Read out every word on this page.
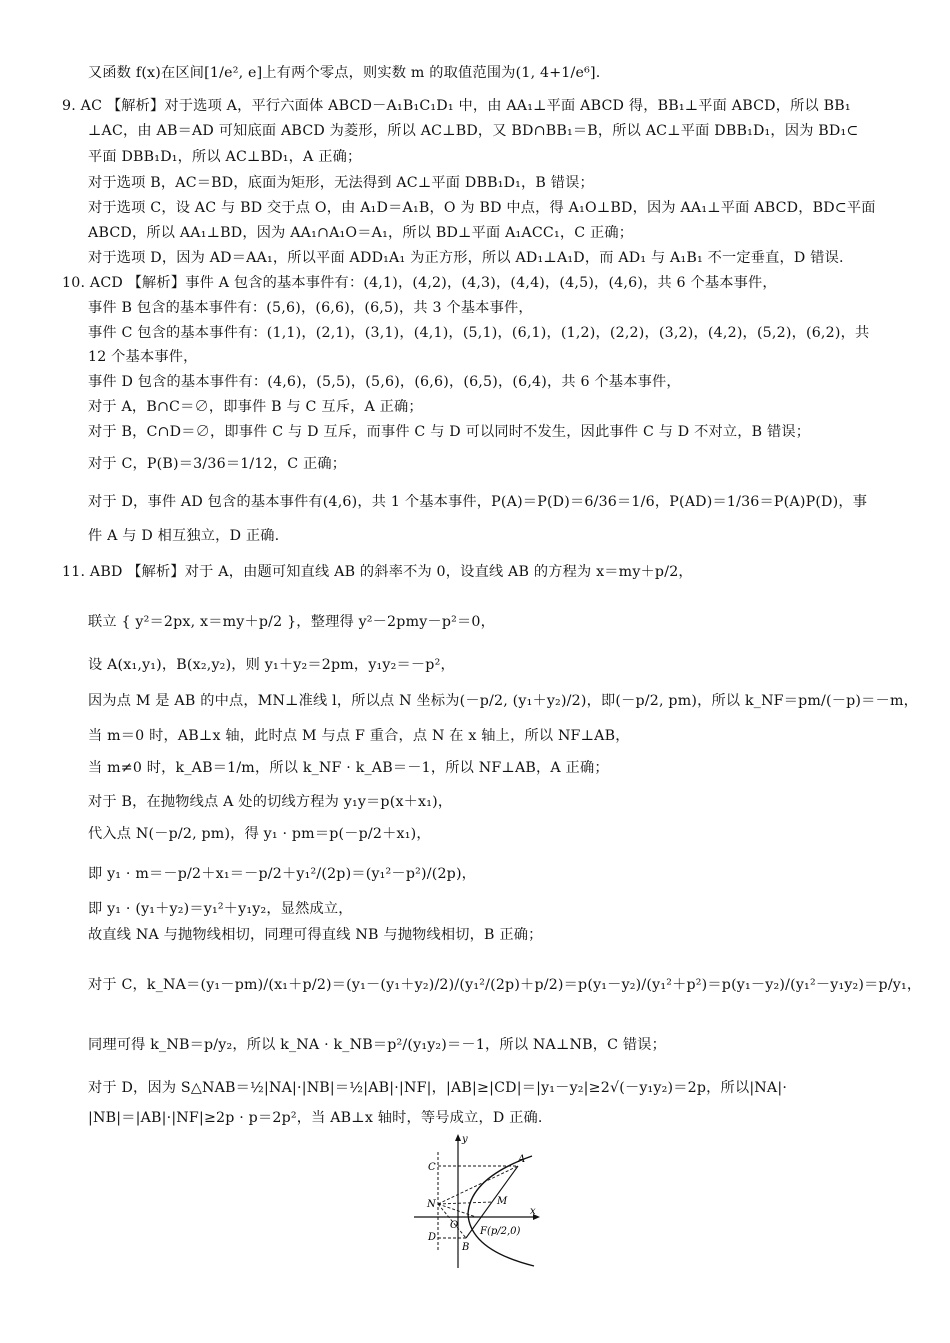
又函数 f(x)在区间[1/e², e]上有两个零点，则实数 m 的取值范围为(1, 4+1/e⁶].
9. AC 【解析】对于选项 A，平行六面体 ABCD－A₁B₁C₁D₁ 中，由 AA₁⊥平面 ABCD 得，BB₁⊥平面 ABCD，所以 BB₁
⊥AC，由 AB＝AD 可知底面 ABCD 为菱形，所以 AC⊥BD，又 BD∩BB₁＝B，所以 AC⊥平面 DBB₁D₁，因为 BD₁⊂
平面 DBB₁D₁，所以 AC⊥BD₁，A 正确；
对于选项 B，AC＝BD，底面为矩形，无法得到 AC⊥平面 DBB₁D₁，B 错误；
对于选项 C，设 AC 与 BD 交于点 O，由 A₁D＝A₁B，O 为 BD 中点，得 A₁O⊥BD，因为 AA₁⊥平面 ABCD，BD⊂平面
ABCD，所以 AA₁⊥BD，因为 AA₁∩A₁O＝A₁，所以 BD⊥平面 A₁ACC₁，C 正确；
对于选项 D，因为 AD＝AA₁，所以平面 ADD₁A₁ 为正方形，所以 AD₁⊥A₁D，而 AD₁ 与 A₁B₁ 不一定垂直，D 错误.
10. ACD 【解析】事件 A 包含的基本事件有：(4,1)，(4,2)，(4,3)，(4,4)，(4,5)，(4,6)，共 6 个基本事件，
事件 B 包含的基本事件有：(5,6)，(6,6)，(6,5)，共 3 个基本事件，
事件 C 包含的基本事件有：(1,1)，(2,1)，(3,1)，(4,1)，(5,1)，(6,1)，(1,2)，(2,2)，(3,2)，(4,2)，(5,2)，(6,2)，共
12 个基本事件，
事件 D 包含的基本事件有：(4,6)，(5,5)，(5,6)，(6,6)，(6,5)，(6,4)，共 6 个基本事件，
对于 A，B∩C＝∅，即事件 B 与 C 互斥，A 正确；
对于 B，C∩D＝∅，即事件 C 与 D 互斥，而事件 C 与 D 可以同时不发生，因此事件 C 与 D 不对立，B 错误；
对于 C，P(B)＝3/36＝1/12，C 正确；
对于 D，事件 AD 包含的基本事件有(4,6)，共 1 个基本事件，P(A)＝P(D)＝6/36＝1/6，P(AD)＝1/36＝P(A)P(D)，事
件 A 与 D 相互独立，D 正确.
11. ABD 【解析】对于 A，由题可知直线 AB 的斜率不为 0，设直线 AB 的方程为 x＝my＋p/2，
联立 { y²＝2px, x＝my＋p/2 }，整理得 y²－2pmy－p²＝0，
设 A(x₁,y₁)，B(x₂,y₂)，则 y₁＋y₂＝2pm，y₁y₂＝－p²，
因为点 M 是 AB 的中点，MN⊥准线 l，所以点 N 坐标为(－p/2, (y₁＋y₂)/2)，即(－p/2, pm)，所以 k_NF＝pm/(－p)＝－m，
当 m＝0 时，AB⊥x 轴，此时点 M 与点 F 重合，点 N 在 x 轴上，所以 NF⊥AB，
当 m≠0 时，k_AB＝1/m，所以 k_NF · k_AB＝－1，所以 NF⊥AB，A 正确；
对于 B，在抛物线点 A 处的切线方程为 y₁y＝p(x＋x₁)，
代入点 N(－p/2, pm)，得 y₁ · pm＝p(－p/2＋x₁)，
即 y₁ · m＝－p/2＋x₁＝－p/2＋y₁²/(2p)＝(y₁²－p²)/(2p)，
即 y₁ · (y₁＋y₂)＝y₁²＋y₁y₂，显然成立，
故直线 NA 与抛物线相切，同理可得直线 NB 与抛物线相切，B 正确；
对于 C，k_NA＝(y₁－pm)/(x₁＋p/2)＝(y₁－(y₁＋y₂)/2)/(y₁²/(2p)＋p/2)＝p(y₁－y₂)/(y₁²＋p²)＝p(y₁－y₂)/(y₁²－y₁y₂)＝p/y₁，
同理可得 k_NB＝p/y₂，所以 k_NA · k_NB＝p²/(y₁y₂)＝－1，所以 NA⊥NB，C 错误；
对于 D，因为 S△NAB＝½|NA|·|NB|＝½|AB|·|NF|，|AB|≥|CD|＝|y₁－y₂|≥2√(－y₁y₂)＝2p，所以|NA|·
|NB|＝|AB|·|NF|≥2p · p＝2p²，当 AB⊥x 轴时，等号成立，D 正确.
y
x
C
A
N	M
D
O
B
F(p/2,0)
